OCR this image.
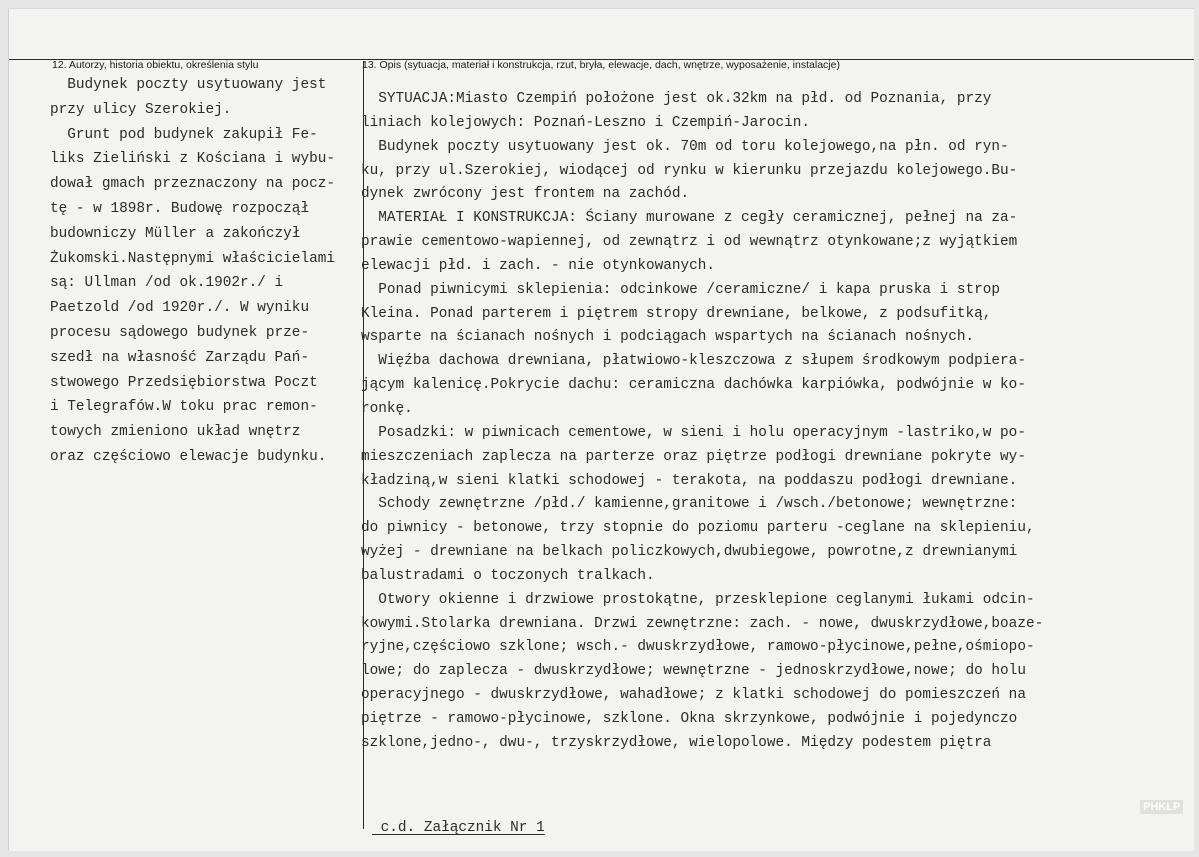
12. Autorzy, historia obiektu, określenia stylu	13. Opis (sytuacja, materiał i konstrukcja, rzut, bryła, elewacje, dach, wnętrze, wyposażenie, instalacje)
Budynek poczty usytuowany jest
przy ulicy Szerokiej.
Grunt pod budynek zakupił Fe-
liks Zieliński z Kościana i wybu-
dował gmach przeznaczony na pocz-
tę - w 1898r. Budowę rozpoczął
budowniczy Müller a zakończył
Żukomski.Następnymi właścicielami
są: Ullman /od ok.1902r./ i
Paetzold /od 1920r./. W wyniku
procesu sądowego budynek prze-
szedł na własność Zarządu Pań-
stwowego Przedsiębiorstwa Poczt
i Telegrafów.W toku prac remon-
towych zmieniono układ wnętrz
oraz częściowo elewacje budynku.
SYTUACJA:Miasto Czempiń położone jest ok.32km na płd. od Poznania, przy
liniach kolejowych: Poznań-Leszno i Czempiń-Jarocin.
Budynek poczty usytuowany jest ok. 70m od toru kolejowego,na płn. od ryn-
ku, przy ul.Szerokiej, wiodącej od rynku w kierunku przejazdu kolejowego.Bu-
dynek zwrócony jest frontem na zachód.
MATERIAŁ I KONSTRUKCJA: Ściany murowane z cegły ceramicznej, pełnej na za-
prawie cementowo-wapiennej, od zewnątrz i od wewnątrz otynkowane;z wyjątkiem
elewacji płd. i zach. - nie otynkowanych.
Ponad piwnicymi sklepienia: odcinkowe /ceramiczne/ i kapa pruska i strop
Kleina. Ponad parterem i piętrem stropy drewniane, belkowe, z podsufitką,
wsparte na ścianach nośnych i podciągach wspartych na ścianach nośnych.
Więźba dachowa drewniana, płatwiowo-kleszczowa z słupem środkowym podpiera-
jącym kalenicę.Pokrycie dachu: ceramiczna dachówka karpiówka, podwójnie w ko-
ronkę.
Posadzki: w piwnicach cementowe, w sieni i holu operacyjnym -lastriko,w po-
mieszczeniach zaplecza na parterze oraz piętrze podłogi drewniane pokryte wy-
kładziną,w sieni klatki schodowej - terakota, na poddaszu podłogi drewniane.
Schody zewnętrzne /płd./ kamienne,granitowe i /wsch./betonowe; wewnętrzne:
do piwnicy - betonowe, trzy stopnie do poziomu parteru -ceglane na sklepieniu,
wyżej - drewniane na belkach policzkowych,dwubiegowe, powrotne,z drewnianymi
balustradami o toczonych tralkach.
Otwory okienne i drzwiowe prostokątne, przesklepione ceglanymi łukami odcin-
kowymi.Stolarka drewniana. Drzwi zewnętrzne: zach. - nowe, dwuskrzydłowe,boaze-
ryjne,częściowo szklone; wsch.- dwuskrzydłowe, ramowo-płycinowe,pełne,ośmiopo-
lowe; do zaplecza - dwuskrzydłowe; wewnętrzne - jednoskrzydłowe,nowe; do holu
operacyjnego - dwuskrzydłowe, wahadłowe; z klatki schodowej do pomieszczeń na
piętrze - ramowo-płycinowe, szklone. Okna skrzynkowe, podwójnie i pojedynczo
szklone,jedno-, dwu-, trzyskrzydłowe, wielopolowe. Między podestem piętra
c.d. Załącznik Nr 1
PHKLP
